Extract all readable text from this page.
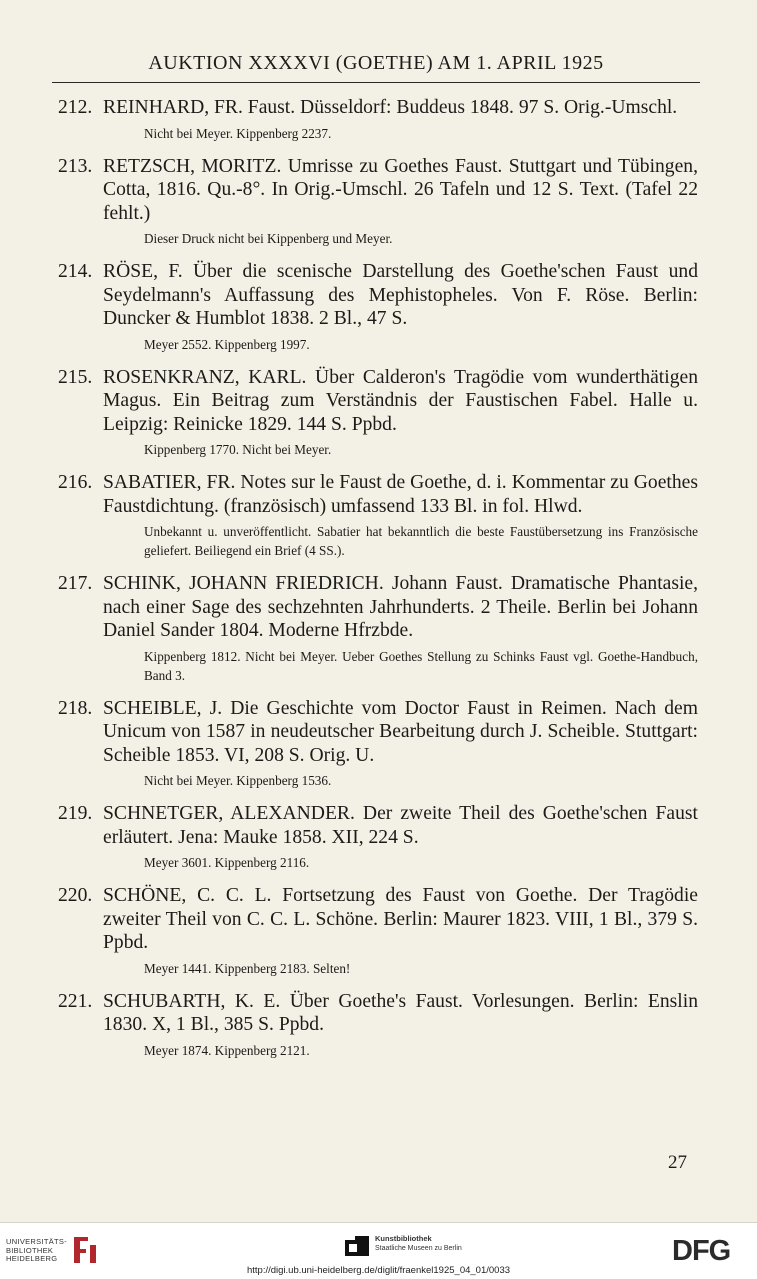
AUKTION XXXXVI (GOETHE) AM 1. APRIL 1925
212. REINHARD, FR. Faust. Düsseldorf: Buddeus 1848. 97 S. Orig.-Umschl.
Nicht bei Meyer. Kippenberg 2237.
213. RETZSCH, MORITZ. Umrisse zu Goethes Faust. Stuttgart und Tübingen, Cotta, 1816. Qu.-8°. In Orig.-Umschl. 26 Tafeln und 12 S. Text. (Tafel 22 fehlt.)
Dieser Druck nicht bei Kippenberg und Meyer.
214. RÖSE, F. Über die scenische Darstellung des Goethe'schen Faust und Seydelmann's Auffassung des Mephistopheles. Von F. Röse. Berlin: Duncker & Humblot 1838. 2 Bl., 47 S.
Meyer 2552. Kippenberg 1997.
215. ROSENKRANZ, KARL. Über Calderon's Tragödie vom wunderthätigen Magus. Ein Beitrag zum Verständnis der Faustischen Fabel. Halle u. Leipzig: Reinicke 1829. 144 S. Ppbd.
Kippenberg 1770. Nicht bei Meyer.
216. SABATIER, FR. Notes sur le Faust de Goethe, d. i. Kommentar zu Goethes Faustdichtung. (französisch) umfassend 133 Bl. in fol. Hlwd.
Unbekannt u. unveröffentlicht. Sabatier hat bekanntlich die beste Faustübersetzung ins Französische geliefert. Beiliegend ein Brief (4 SS.).
217. SCHINK, JOHANN FRIEDRICH. Johann Faust. Dramatische Phantasie, nach einer Sage des sechzehnten Jahrhunderts. 2 Theile. Berlin bei Johann Daniel Sander 1804. Moderne Hfrzbde.
Kippenberg 1812. Nicht bei Meyer. Ueber Goethes Stellung zu Schinks Faust vgl. Goethe-Handbuch, Band 3.
218. SCHEIBLE, J. Die Geschichte vom Doctor Faust in Reimen. Nach dem Unicum von 1587 in neudeutscher Bearbeitung durch J. Scheible. Stuttgart: Scheible 1853. VI, 208 S. Orig. U.
Nicht bei Meyer. Kippenberg 1536.
219. SCHNETGER, ALEXANDER. Der zweite Theil des Goethe'schen Faust erläutert. Jena: Mauke 1858. XII, 224 S.
Meyer 3601. Kippenberg 2116.
220. SCHÖNE, C. C. L. Fortsetzung des Faust von Goethe. Der Tragödie zweiter Theil von C. C. L. Schöne. Berlin: Maurer 1823. VIII, 1 Bl., 379 S. Ppbd.
Meyer 1441. Kippenberg 2183. Selten!
221. SCHUBARTH, K. E. Über Goethe's Faust. Vorlesungen. Berlin: Enslin 1830. X, 1 Bl., 385 S. Ppbd.
Meyer 1874. Kippenberg 2121.
27
UNIVERSITÄTS-
BIBLIOTHEK
HEIDELBERG
Kunstbibliothek
Staatliche Museen zu Berlin	DFG
http://digi.ub.uni-heidelberg.de/diglit/fraenkel1925_04_01/0033
